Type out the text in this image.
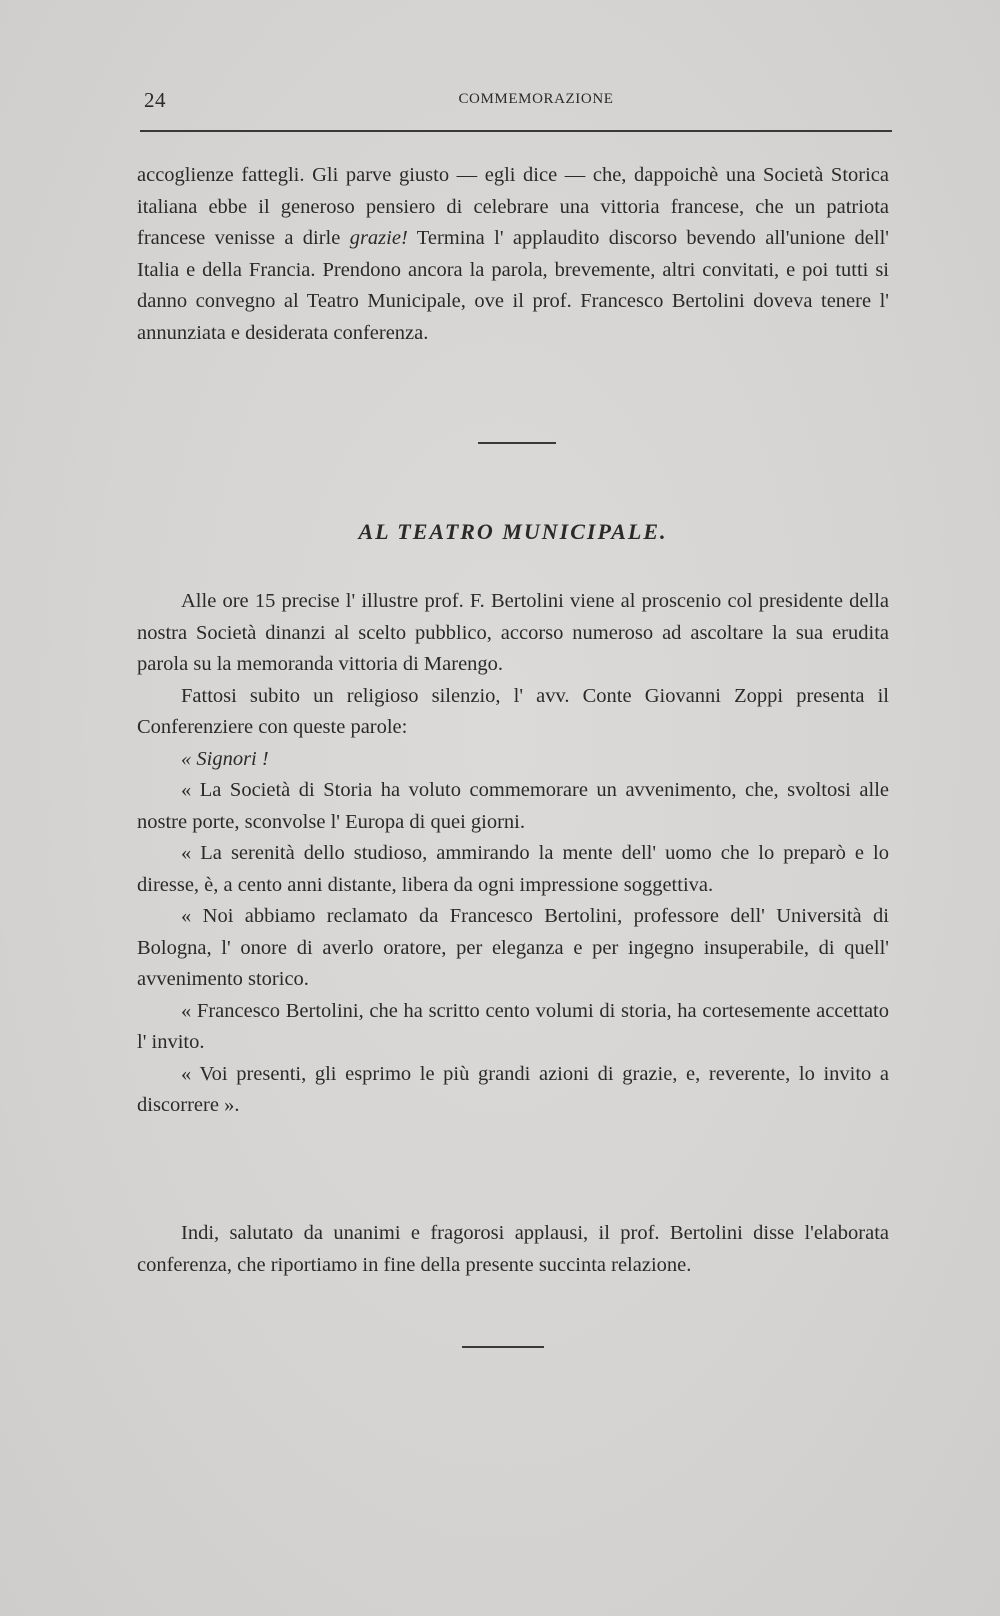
24	COMMEMORAZIONE

accoglienze fattegli. Gli parve giusto — egli dice — che, dappoichè una Società Storica italiana ebbe il generoso pensiero di celebrare una vittoria francese, che un patriota francese venisse a dirle grazie! Termina l' applaudito discorso bevendo all'unione dell' Italia e della Francia. Prendono ancora la parola, brevemente, altri convitati, e poi tutti si danno convegno al Teatro Municipale, ove il prof. Francesco Bertolini doveva tenere l' annunziata e desiderata conferenza.

AL TEATRO MUNICIPALE.

Alle ore 15 precise l' illustre prof. F. Bertolini viene al proscenio col presidente della nostra Società dinanzi al scelto pubblico, accorso numeroso ad ascoltare la sua erudita parola su la memoranda vittoria di Marengo.

Fattosi subito un religioso silenzio, l' avv. Conte Giovanni Zoppi presenta il Conferenziere con queste parole:

« Signori !

« La Società di Storia ha voluto commemorare un avvenimento, che, svoltosi alle nostre porte, sconvolse l' Europa di quei giorni.

« La serenità dello studioso, ammirando la mente dell' uomo che lo preparò e lo diresse, è, a cento anni distante, libera da ogni impressione soggettiva.

« Noi abbiamo reclamato da Francesco Bertolini, professore dell' Università di Bologna, l' onore di averlo oratore, per eleganza e per ingegno insuperabile, di quell' avvenimento storico.

« Francesco Bertolini, che ha scritto cento volumi di storia, ha cortesemente accettato l' invito.

« Voi presenti, gli esprimo le più grandi azioni di grazie, e, reverente, lo invito a discorrere ».

Indi, salutato da unanimi e fragorosi applausi, il prof. Bertolini disse l'elaborata conferenza, che riportiamo in fine della presente succinta relazione.
